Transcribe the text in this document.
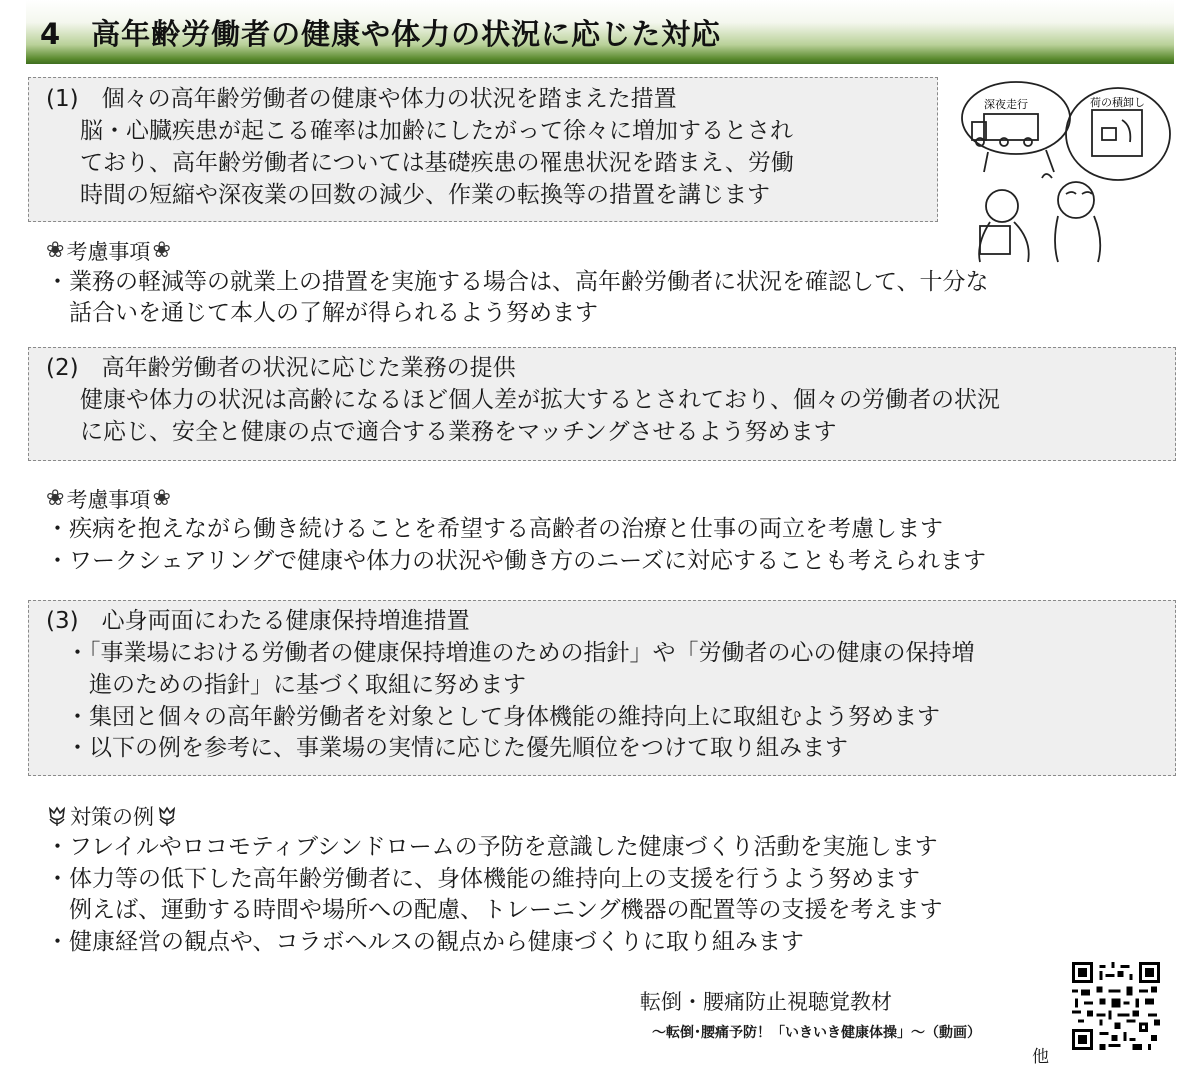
4　高年齢労働者の健康や体力の状況に応じた対応
(1)　個々の高年齢労働者の健康や体力の状況を踏まえた措置
脳・心臓疾患が起こる確率は加齢にしたがって徐々に増加するとされ
ており、高年齢労働者については基礎疾患の罹患状況を踏まえ、労働
時間の短縮や深夜業の回数の減少、作業の転換等の措置を講じます
深夜走行	荷の積卸し
❀ 考慮事項 ❀
・業務の軽減等の就業上の措置を実施する場合は、高年齢労働者に状況を確認して、十分な
　話合いを通じて本人の了解が得られるよう努めます
(2)　高年齢労働者の状況に応じた業務の提供
健康や体力の状況は高齢になるほど個人差が拡大するとされており、個々の労働者の状況
に応じ、安全と健康の点で適合する業務をマッチングさせるよう努めます
❀ 考慮事項 ❀
・疾病を抱えながら働き続けることを希望する高齢者の治療と仕事の両立を考慮します
・ワークシェアリングで健康や体力の状況や働き方のニーズに対応することも考えられます
(3)　心身両面にわたる健康保持増進措置
・「事業場における労働者の健康保持増進のための指針」や「労働者の心の健康の保持増
　進のための指針」に基づく取組に努めます
・集団と個々の高年齢労働者を対象として身体機能の維持向上に取組むよう努めます
・以下の例を参考に、事業場の実情に応じた優先順位をつけて取り組みます
対策の例
・フレイルやロコモティブシンドロームの予防を意識した健康づくり活動を実施します
・体力等の低下した高年齢労働者に、身体機能の維持向上の支援を行うよう努めます
　例えば、運動する時間や場所への配慮、トレーニング機器の配置等の支援を考えます
・健康経営の観点や、コラボヘルスの観点から健康づくりに取り組みます
転倒・腰痛防止視聴覚教材
～転倒･腰痛予防！「いきいき健康体操」～（動画）
他
